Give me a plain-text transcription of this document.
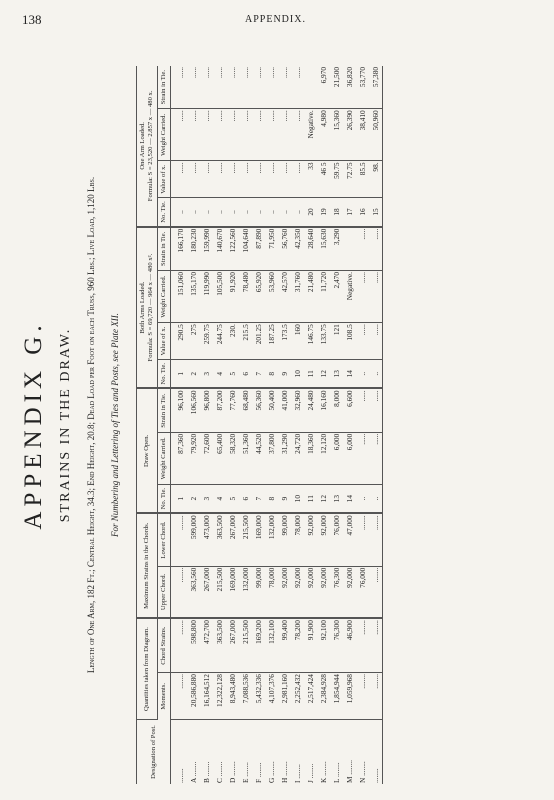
138	APPENDIX.
APPENDIX G. STRAINS IN THE DRAW. Length of One Arm, 182 Ft.; Central Height, 34.3; End Height, 20.8; Dead Load per Foot on each Truss, 960 Lbs.; Live Load, 1,120 Lbs. For Numbering and Lettering of Ties and Posts, see Plate XII.
Designation of Post.	Quantities taken from Diagram.		Maximum Strains in the Chords.		Draw Open.			Both Arms Loaded.
Formula: S = 69,720 — 964 x — 480 x².				One Arm Loaded.
Formula: S = 23,520 — 2.857 x — 480 x.			
	Moments.	Chord Strains.	Upper Chord.	Lower Chord.	No. Tie.	Weight Carried.	Strain in Tie.	No. Tie.	Value of x.	Weight Carried.	Strain in Tie.	No. Tie.	Value of x.	Weight Carried.	Strain in Tie.
........	........	........	........	........	1	87,360	96,100	1	290.5	151,060	166,170	..	......	......	......
A ........	20,586,880	598,800	363,560	599,000	2	79,920	106,560	2	275	135,170	180,230	..	......	......	......
B ........	16,164,512	472,700	267,000	473,000	3	72,600	96,800	3	259.75	119,990	159,990	..	......	......	......
C ........	12,322,128	363,500	215,500	363,500	4	65,400	87,200	4	244.75	105,500	140,670	..	......	......	......
D ........	8,943,480	267,000	169,000	267,000	5	58,320	77,760	5	230.	91,920	122,560	..	......	......	......
E ........	7,088,536	215,500	132,000	215,500	6	51,360	68,480	6	215.5	78,480	104,640	..	......	......	......
F ........	5,432,336	169,200	99,000	169,000	7	44,520	56,360	7	201.25	65,920	87,890	..	......	......	......
G ........	4,107,376	132,100	78,000	132,000	8	37,800	50,400	8	187.25	53,960	71,950	..	......	......	......
H ........	2,981,160	99,400	92,000	99,000	9	31,290	41,000	9	173.5	42,570	56,760	..	......	......	......
I ........	2,252,432	78,200	92,000	78,000	10	24,720	32,960	10	160	31,760	42,350	..	......	......	......
J ........	2,517,424	91,900	92,000	92,000	11	18,360	24,480	11	146.75	21,480	28,640	20	33	Negative.	
K ........	2,384,928	92,100	92,000	92,000	12	12,120	16,160	12	133.75	11,720	15,630	19	46 5	4,980	6,970
L ........	1,854,944	76,300	76,300	76,000	13	6,000	8,000	13	121	2,470	3,290	18	59.75	15,360	21,500
M ........	1,059,968	46,900	92,000	47,000	14	6,000	6,600	14	108.5	Negative.		17	72.75	26,390	36,820
N ........	........	........	76,000	........	..	......	......	..	......	......	......	16	85.5	38,410	53,770
........	........	........	........	........	..	......	......	..	......	......	......	15	98.	50,960	57,380
